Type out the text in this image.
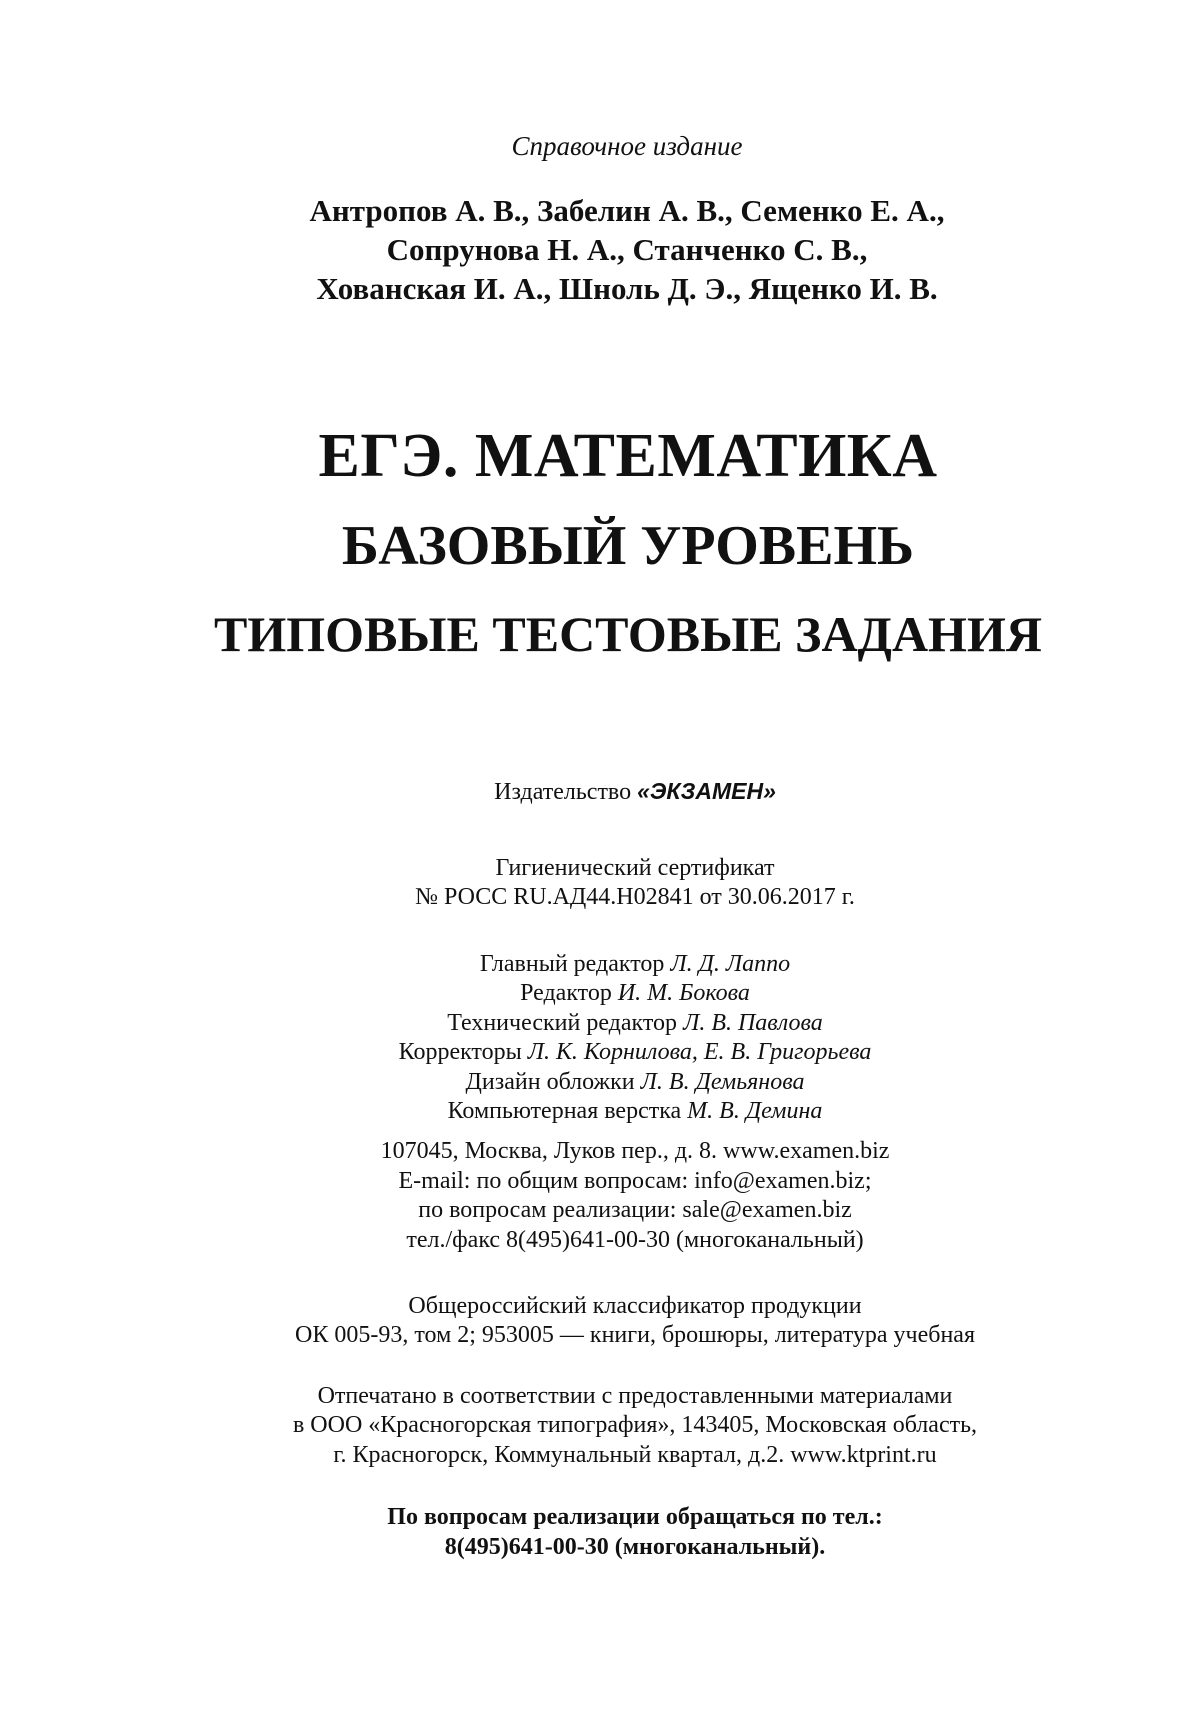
Справочное издание
Антропов А. В., Забелин А. В., Семенко Е. А.,
Сопрунова Н. А., Станченко С. В.,
Хованская И. А., Шноль Д. Э., Ященко И. В.
ЕГЭ. МАТЕМАТИКА
БАЗОВЫЙ УРОВЕНЬ
ТИПОВЫЕ ТЕСТОВЫЕ ЗАДАНИЯ
Издательство «ЭКЗАМЕН»
Гигиенический сертификат
№ РОСС RU.АД44.Н02841 от 30.06.2017 г.
Главный редактор Л. Д. Лаппо
Редактор И. М. Бокова
Технический редактор Л. В. Павлова
Корректоры Л. К. Корнилова, Е. В. Григорьева
Дизайн обложки Л. В. Демьянова
Компьютерная верстка М. В. Демина
107045, Москва, Луков пер., д. 8. www.examen.biz
E-mail: по общим вопросам: info@examen.biz;
по вопросам реализации: sale@examen.biz
тел./факс 8(495)641-00-30 (многоканальный)
Общероссийский классификатор продукции
ОК 005-93, том 2; 953005 — книги, брошюры, литература учебная
Отпечатано в соответствии с предоставленными материалами
в ООО «Красногорская типография», 143405, Московская область,
г. Красногорск, Коммунальный квартал, д.2. www.ktprint.ru
По вопросам реализации обращаться по тел.:
8(495)641-00-30 (многоканальный).
